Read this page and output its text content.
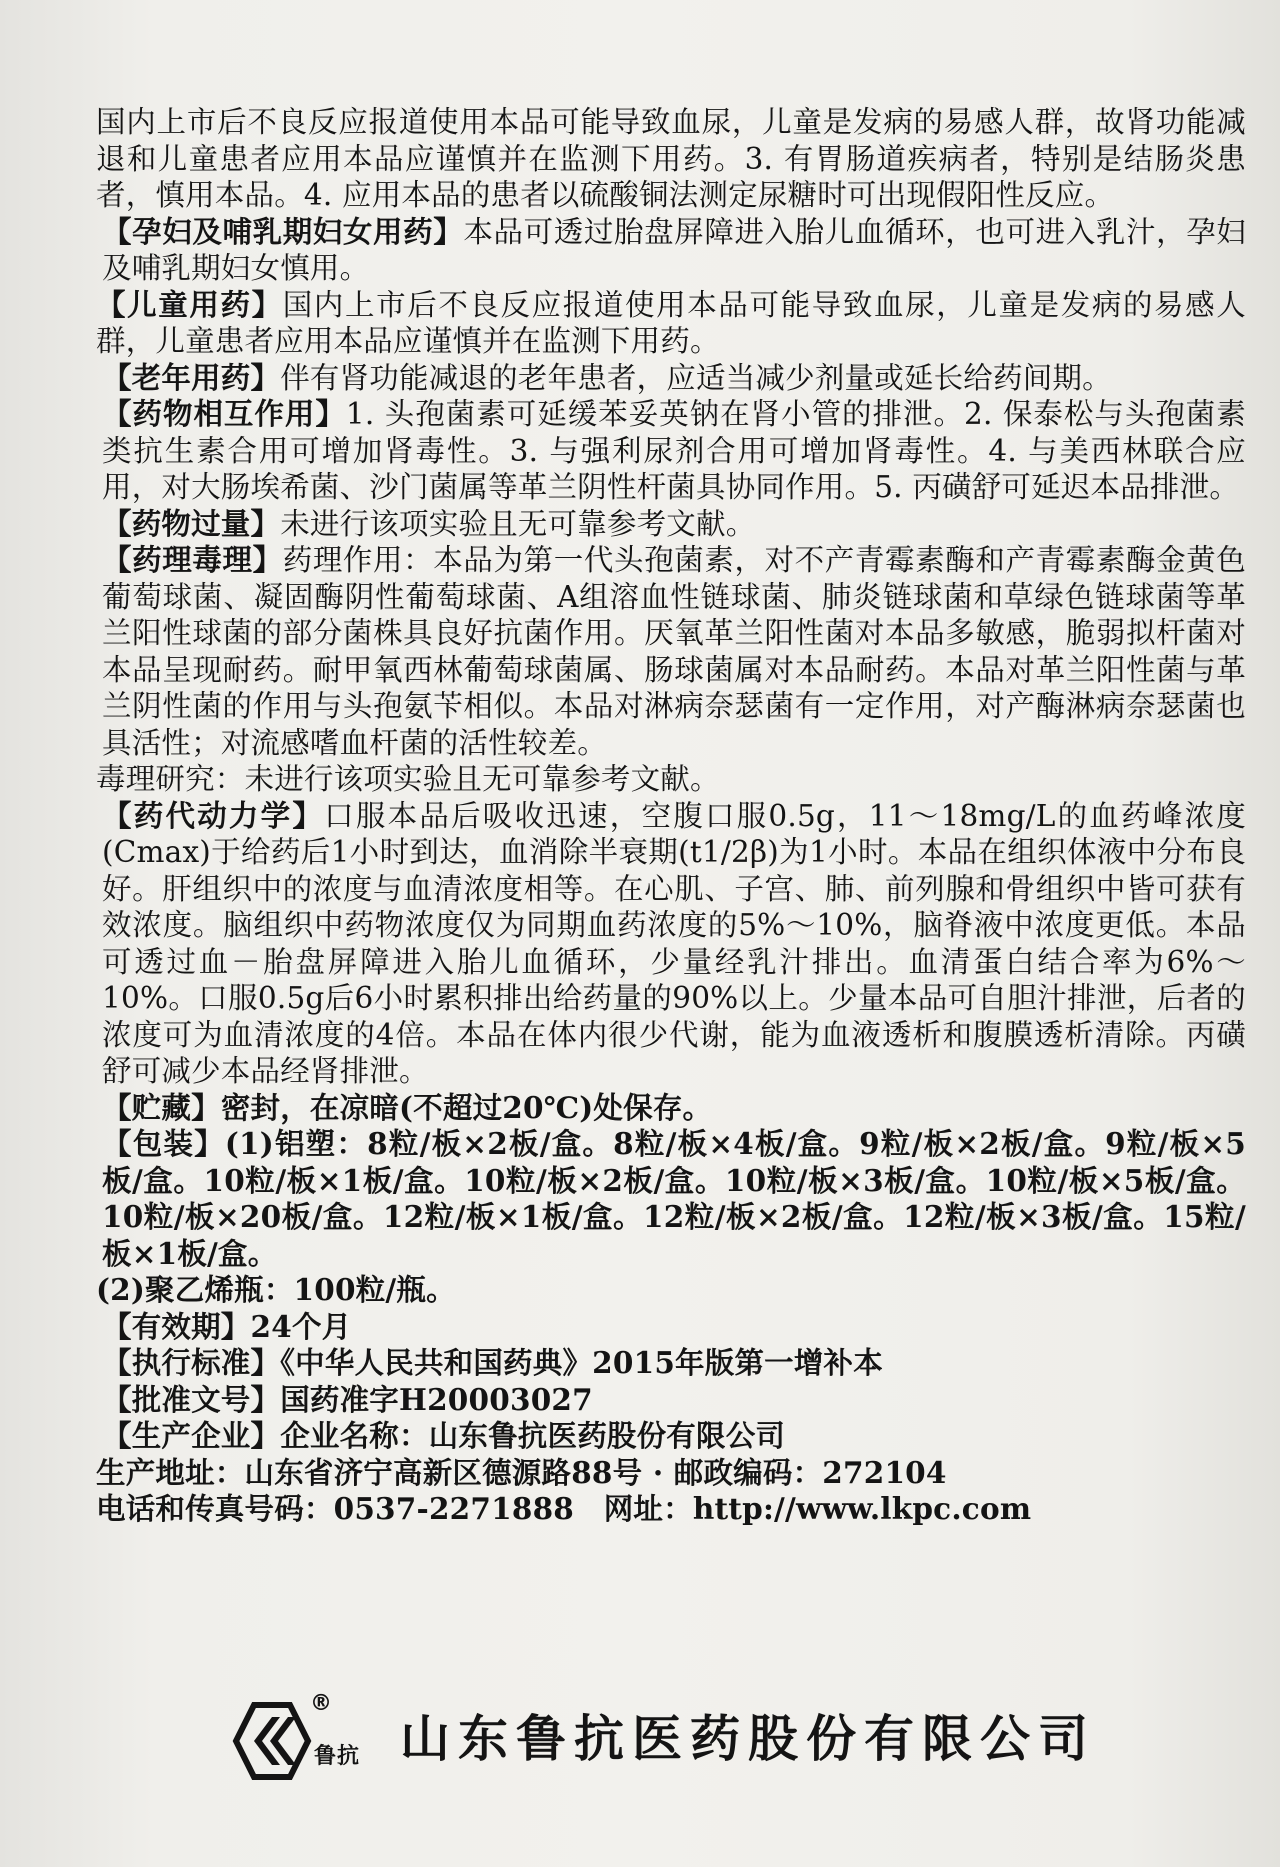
国内上市后不良反应报道使用本品可能导致血尿，儿童是发病的易感人群，故肾功能减退和儿童患者应用本品应谨慎并在监测下用药。3. 有胃肠道疾病者，特别是结肠炎患者，慎用本品。4. 应用本品的患者以硫酸铜法测定尿糖时可出现假阳性反应。

【孕妇及哺乳期妇女用药】本品可透过胎盘屏障进入胎儿血循环，也可进入乳汁，孕妇及哺乳期妇女慎用。

【儿童用药】国内上市后不良反应报道使用本品可能导致血尿，儿童是发病的易感人群，儿童患者应用本品应谨慎并在监测下用药。

【老年用药】伴有肾功能减退的老年患者，应适当减少剂量或延长给药间期。

【药物相互作用】1. 头孢菌素可延缓苯妥英钠在肾小管的排泄。2. 保泰松与头孢菌素类抗生素合用可增加肾毒性。3. 与强利尿剂合用可增加肾毒性。4. 与美西林联合应用，对大肠埃希菌、沙门菌属等革兰阴性杆菌具协同作用。5. 丙磺舒可延迟本品排泄。

【药物过量】未进行该项实验且无可靠参考文献。

【药理毒理】药理作用：本品为第一代头孢菌素，对不产青霉素酶和产青霉素酶金黄色葡萄球菌、凝固酶阴性葡萄球菌、A组溶血性链球菌、肺炎链球菌和草绿色链球菌等革兰阳性球菌的部分菌株具良好抗菌作用。厌氧革兰阳性菌对本品多敏感，脆弱拟杆菌对本品呈现耐药。耐甲氧西林葡萄球菌属、肠球菌属对本品耐药。本品对革兰阳性菌与革兰阴性菌的作用与头孢氨苄相似。本品对淋病奈瑟菌有一定作用，对产酶淋病奈瑟菌也具活性；对流感嗜血杆菌的活性较差。

毒理研究：未进行该项实验且无可靠参考文献。

【药代动力学】口服本品后吸收迅速，空腹口服0.5g，11～18mg/L的血药峰浓度(Cmax)于给药后1小时到达，血消除半衰期(t1/2β)为1小时。本品在组织体液中分布良好。肝组织中的浓度与血清浓度相等。在心肌、子宫、肺、前列腺和骨组织中皆可获有效浓度。脑组织中药物浓度仅为同期血药浓度的5%～10%，脑脊液中浓度更低。本品可透过血－胎盘屏障进入胎儿血循环，少量经乳汁排出。血清蛋白结合率为6%～10%。口服0.5g后6小时累积排出给药量的90%以上。少量本品可自胆汁排泄，后者的浓度可为血清浓度的4倍。本品在体内很少代谢，能为血液透析和腹膜透析清除。丙磺舒可减少本品经肾排泄。

【贮藏】密封，在凉暗(不超过20℃)处保存。

【包装】(1)铝塑：8粒/板×2板/盒。8粒/板×4板/盒。9粒/板×2板/盒。9粒/板×5板/盒。10粒/板×1板/盒。10粒/板×2板/盒。10粒/板×3板/盒。10粒/板×5板/盒。10粒/板×20板/盒。12粒/板×1板/盒。12粒/板×2板/盒。12粒/板×3板/盒。15粒/板×1板/盒。

(2)聚乙烯瓶：100粒/瓶。

【有效期】24个月

【执行标准】《中华人民共和国药典》2015年版第一增补本

【批准文号】国药准字H20003027

【生产企业】企业名称：山东鲁抗医药股份有限公司

生产地址：山东省济宁高新区德源路88号 · 邮政编码：272104

电话和传真号码：0537-2271888　网址：http://www.lkpc.com

®
鲁抗 山东鲁抗医药股份有限公司
